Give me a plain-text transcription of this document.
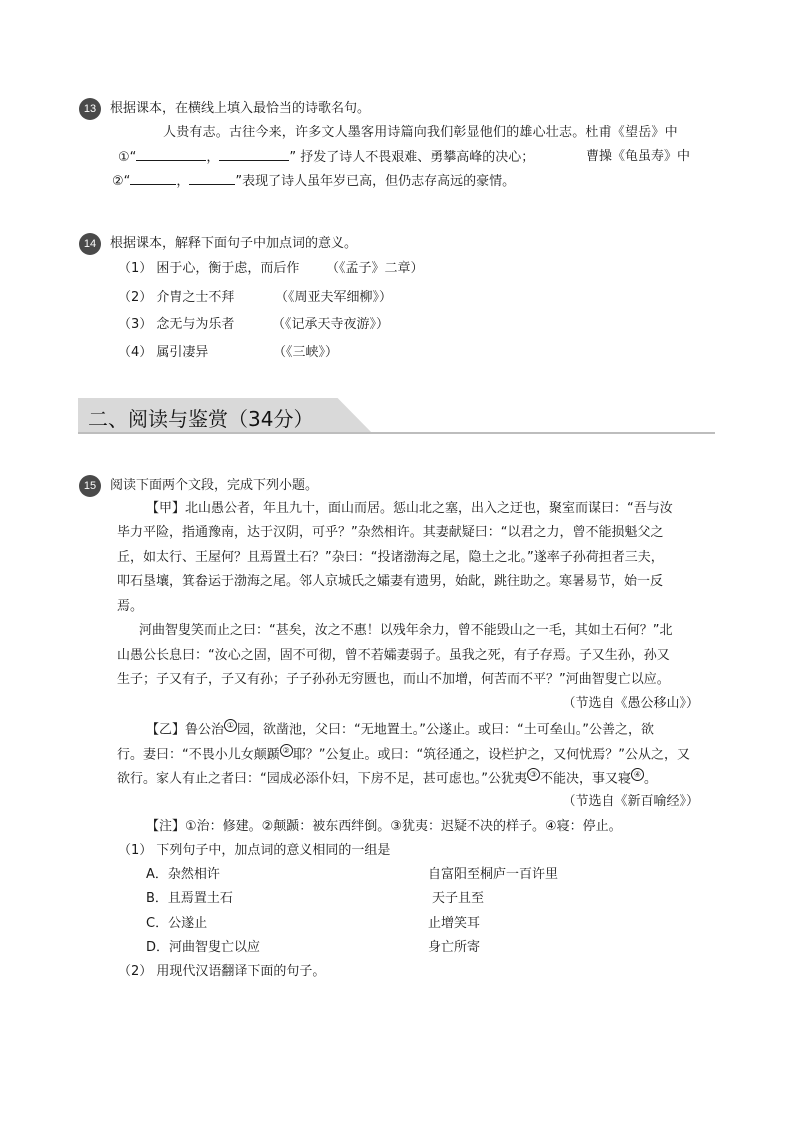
13	根据课本，在横线上填入最恰当的诗歌名句。
人贵有志。古往今来，许多文人墨客用诗篇向我们彰显他们的雄心壮志。杜甫《望岳》中
①“	，	” 抒发了诗人不畏艰难、勇攀高峰的决心；	曹操《龟虽寿》中
②“	，	”表现了诗人虽年岁已高，但仍志存高远的豪情。
14	根据课本，解释下面句子中加点词的意义。
（1） 困于心，衡于虑，而后作 （《孟子》二章）
（2） 介胄之士不拜	（《周亚夫军细柳》）
（3） 念无与为乐者	（《记承天寺夜游》）
（4） 属引凄异	（《三峡》）
二、阅读与鉴赏（34分）
15	阅读下面两个文段，完成下列小题。
【甲】北山愚公者，年且九十，面山而居。惩山北之塞，出入之迂也，聚室而谋曰：“吾与汝
毕力平险，指通豫南，达于汉阴，可乎？”杂然相许。其妻献疑曰：“以君之力，曾不能损魁父之
丘，如太行、王屋何？且焉置土石？”杂曰：“投诸渤海之尾，隐土之北。”遂率子孙荷担者三夫，
叩石垦壤，箕畚运于渤海之尾。邻人京城氏之孀妻有遗男，始龀，跳往助之。寒暑易节，始一反
焉。
河曲智叟笑而止之曰：“甚矣，汝之不惠！以残年余力，曾不能毁山之一毛，其如土石何？”北
山愚公长息曰：“汝心之固，固不可彻，曾不若孀妻弱子。虽我之死，有子存焉。子又生孙，孙又
生子；子又有子，子又有孙；子子孙孙无穷匮也，而山不加增，何苦而不平？”河曲智叟亡以应。
（节选自《愚公移山》）
【乙】鲁公治 ① 园，欲凿池，父曰：“无地置土。”公遂止。或曰：“土可垒山。”公善之，欲
行。妻曰：“不畏小儿女颠踬 ② 耶？”公复止。或曰：“筑径通之，设栏护之，又何忧焉？”公从之，又
欲行。家人有止之者曰：“园成必添仆妇，下房不足，甚可虑也。”公犹夷 ③ 不能决，事又寝 ④ 。
（节选自《新百喻经》）
【注】①治：修建。②颠踬：被东西绊倒。③犹夷：迟疑不决的样子。④寝：停止。
（1） 下列句子中，加点词的意义相同的一组是
A．杂然相许	自富阳至桐庐一百许里
B．且焉置土石	天子且至
C．公遂止	止增笑耳
D．河曲智叟亡以应	身亡所寄
（2） 用现代汉语翻译下面的句子。
